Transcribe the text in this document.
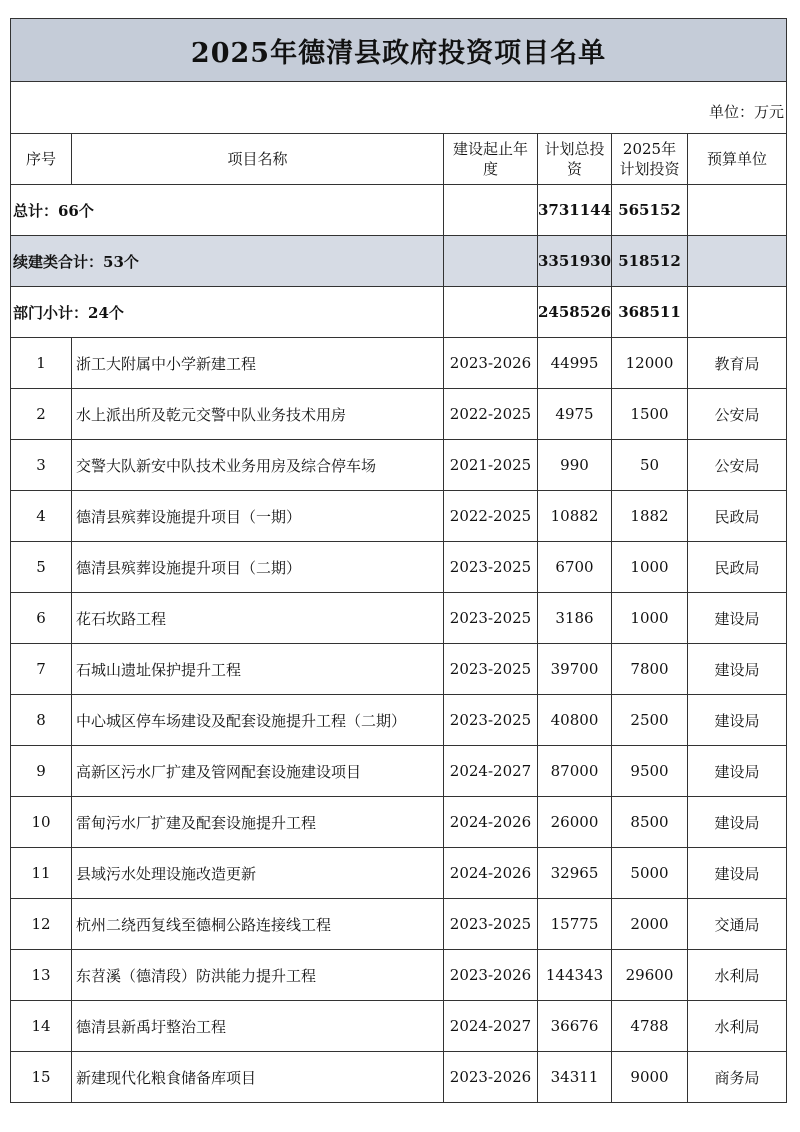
2025年德清县政府投资项目名单					
单位：万元					
序号	项目名称	建设起止年度	计划总投资	2025年计划投资	预算单位
总计：66个			3731144	565152	
续建类合计：53个			3351930	518512	
部门小计：24个			2458526	368511	
1	浙工大附属中小学新建工程	2023-2026	44995	12000	教育局
2	水上派出所及乾元交警中队业务技术用房	2022-2025	4975	1500	公安局
3	交警大队新安中队技术业务用房及综合停车场	2021-2025	990	50	公安局
4	德清县殡葬设施提升项目（一期）	2022-2025	10882	1882	民政局
5	德清县殡葬设施提升项目（二期）	2023-2025	6700	1000	民政局
6	花石坎路工程	2023-2025	3186	1000	建设局
7	石城山遗址保护提升工程	2023-2025	39700	7800	建设局
8	中心城区停车场建设及配套设施提升工程（二期）	2023-2025	40800	2500	建设局
9	高新区污水厂扩建及管网配套设施建设项目	2024-2027	87000	9500	建设局
10	雷甸污水厂扩建及配套设施提升工程	2024-2026	26000	8500	建设局
11	县域污水处理设施改造更新	2024-2026	32965	5000	建设局
12	杭州二绕西复线至德桐公路连接线工程	2023-2025	15775	2000	交通局
13	东苕溪（德清段）防洪能力提升工程	2023-2026	144343	29600	水利局
14	德清县新禹圩整治工程	2024-2027	36676	4788	水利局
15	新建现代化粮食储备库项目	2023-2026	34311	9000	商务局
